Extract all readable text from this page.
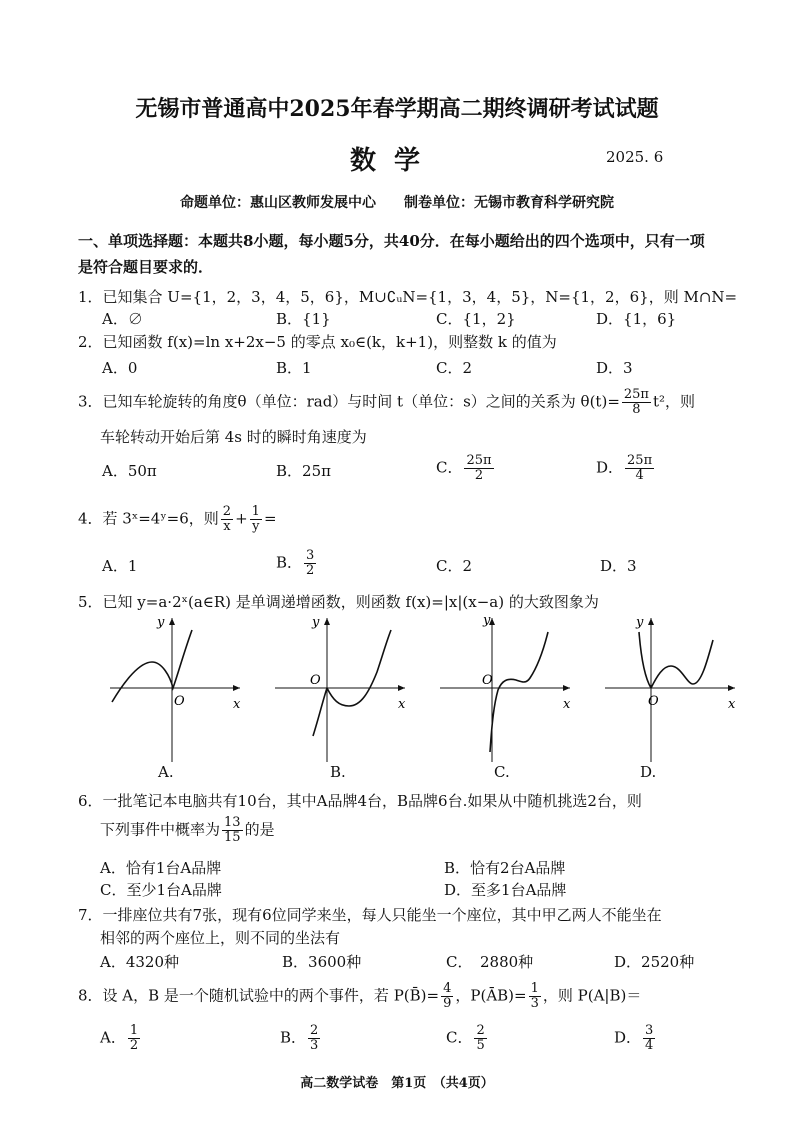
无锡市普通高中2025年春学期高二期终调研考试试题
数学	2025. 6
命题单位：惠山区教师发展中心　　制卷单位：无锡市教育科学研究院
一、单项选择题：本题共8小题，每小题5分，共40分．在每小题给出的四个选项中，只有一项是符合题目要求的．
1．已知集合 U={1，2，3，4，5，6}，M∪∁ᵤN={1，3，4，5}，N={1，2，6}，则 M∩N=
A．∅	B．{1}	C．{1，2}	D．{1，6}
2．已知函数 f(x)=ln x+2x−5 的零点 x₀∈(k，k+1)，则整数 k 的值为
A．0	B．1	C．2	D．3
3．已知车轮旋转的角度θ（单位：rad）与时间 t（单位：s）之间的关系为 $\theta(t)= \frac{25\pi}{8} t^2$，则
车轮转动开始后第 4s 时的瞬时角速度为
A．50π	B．25π	C． $\frac{25\pi}{2}$	D． $\frac{25\pi}{4}$
4．若 3ˣ=4ʸ=6，则 $\frac{2}{x} + \frac{1}{y}$ =
A．1	B． $\frac{3}{2}$	C．2	D．3
5．已知 y=a·2ˣ(a∈R) 是单调递增函数，则函数 f(x)=|x|(x−a) 的大致图象为
x
y
O	x
y
O
x
y
O
x
y
O
A.	B.	C.	D.
6．一批笔记本电脑共有10台，其中A品牌4台，B品牌6台.如果从中随机挑选2台，则
下列事件中概率为 $\frac{13}{15}$ 的是
A．恰有1台A品牌	B．恰有2台A品牌
C．至少1台A品牌	D．至多1台A品牌
7．一排座位共有7张，现有6位同学来坐，每人只能坐一个座位，其中甲乙两人不能坐在
相邻的两个座位上，则不同的坐法有
A．4320种	B．3600种	C．　2880种	D．2520种
8．设 A，B 是一个随机试验中的两个事件，若 P(B̄)= $\frac{4}{9}$ ，P(ĀB)= $\frac{1}{3}$ ，则 P(A|B)＝
A． $\frac{1}{2}$	B． $\frac{2}{3}$	C． $\frac{2}{5}$	D． $\frac{3}{4}$
高二数学试卷　第1页　（共4页）
